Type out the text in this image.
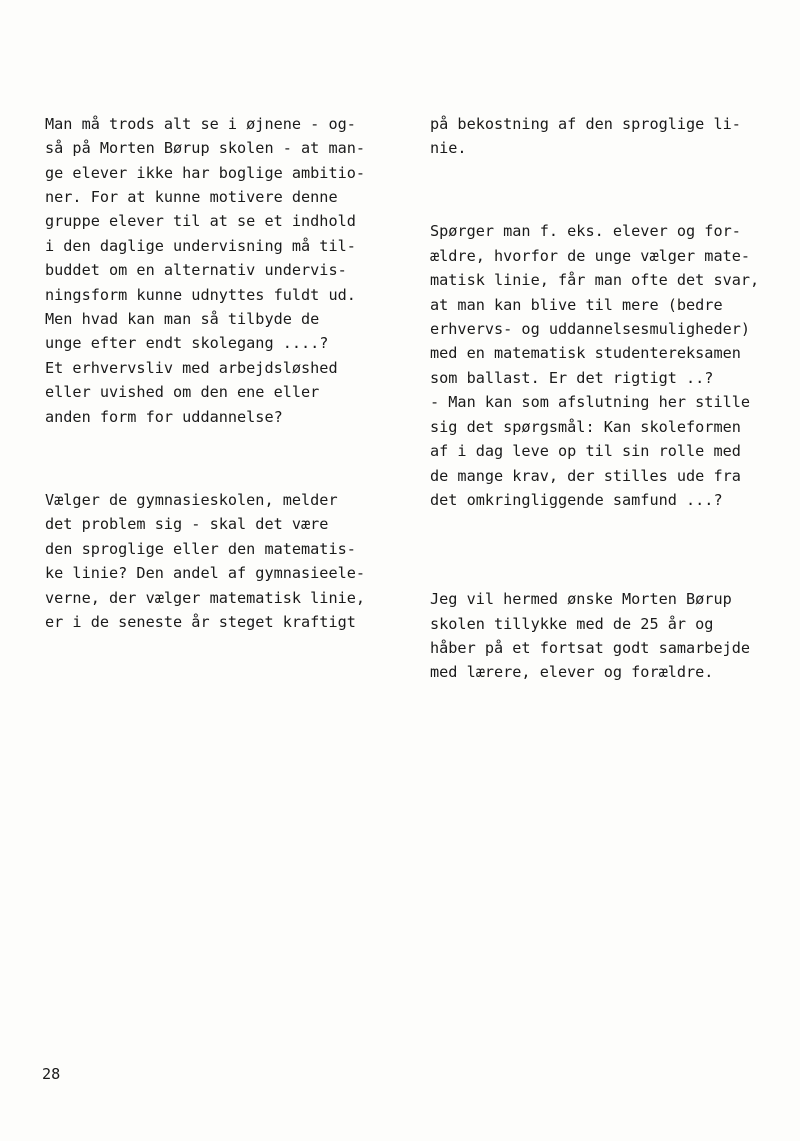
Man må trods alt se i øjnene - og-
så på Morten Børup skolen - at man-
ge elever ikke har boglige ambitio-
ner. For at kunne motivere denne
gruppe elever til at se et indhold
i den daglige undervisning må til-
buddet om en alternativ undervis-
ningsform kunne udnyttes fuldt ud.
Men hvad kan man så tilbyde de
unge efter endt skolegang ....?
Et erhvervsliv med arbejdsløshed
eller uvished om den ene eller
anden form for uddannelse?

Vælger de gymnasieskolen, melder
det problem sig - skal det være
den sproglige eller den matematis-
ke linie? Den andel af gymnasieele-
verne, der vælger matematisk linie,
er i de seneste år steget kraftigt

på bekostning af den sproglige li-
nie.

Spørger man f. eks. elever og for-
ældre, hvorfor de unge vælger mate-
matisk linie, får man ofte det svar,
at man kan blive til mere (bedre
erhvervs- og uddannelsesmuligheder)
med en matematisk studentereksamen
som ballast. Er det rigtigt ..?
- Man kan som afslutning her stille
sig det spørgsmål: Kan skoleformen
af i dag leve op til sin rolle med
de mange krav, der stilles ude fra
det omkringliggende samfund ...?

Jeg vil hermed ønske Morten Børup
skolen tillykke med de 25 år og
håber på et fortsat godt samarbejde
med lærere, elever og forældre.

28
